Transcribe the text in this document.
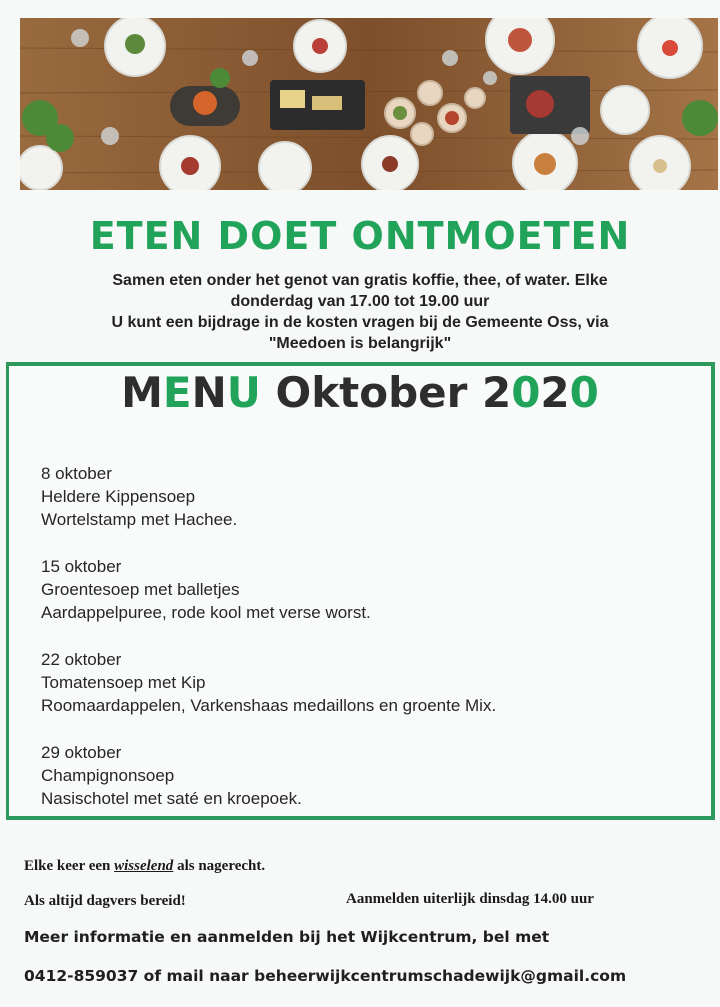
ETEN DOET ONTMOETEN
Samen eten onder het genot van gratis koffie, thee, of water. Elke
donderdag van 17.00 tot 19.00 uur
U kunt een bijdrage in de kosten vragen bij de Gemeente Oss, via
"Meedoen is belangrijk"
MENU Oktober 2020
8 oktober
Heldere Kippensoep
Wortelstamp met Hachee.
15 oktober
Groentesoep met balletjes
Aardappelpuree, rode kool met verse worst.
22 oktober
Tomatensoep met Kip
Roomaardappelen, Varkenshaas medaillons en groente Mix.
29 oktober
Champignonsoep
Nasischotel met saté en kroepoek.
Elke keer een wisselend als nagerecht.
Als altijd dagvers bereid!	Aanmelden uiterlijk dinsdag 14.00 uur
Meer informatie en aanmelden bij het Wijkcentrum, bel met
0412-859037 of mail naar beheerwijkcentrumschadewijk@gmail.com
